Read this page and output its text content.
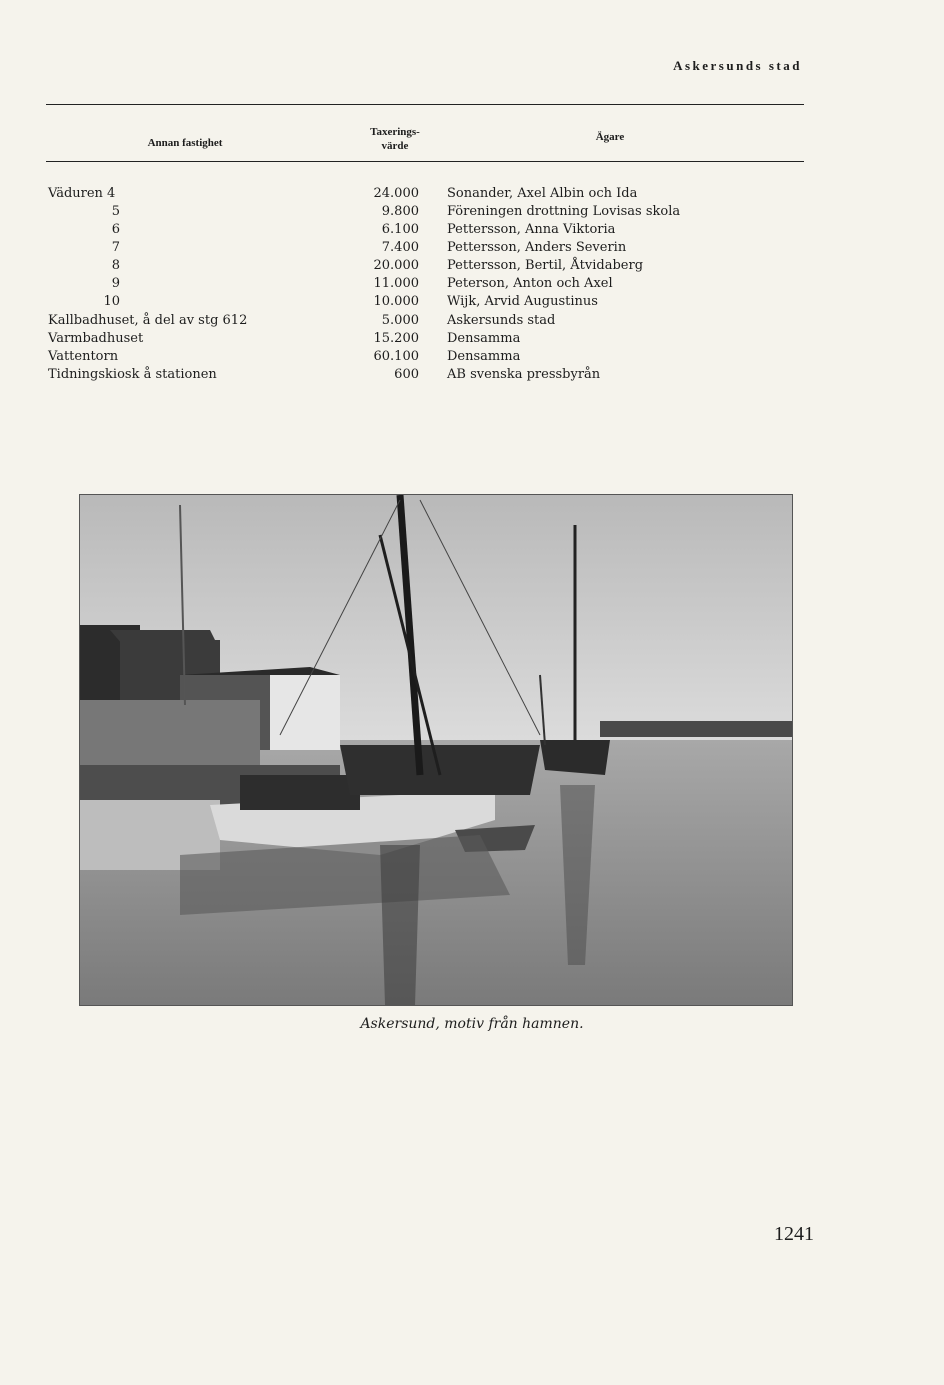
Askersunds stad
Annan fastighet
Taxerings-
värde
Ägare
Väduren 4	24.000 Sonander, Axel Albin och Ida
5	9.800 Föreningen drottning Lovisas skola
6	6.100 Pettersson, Anna Viktoria
7	7.400 Pettersson, Anders Severin
8	20.000 Pettersson, Bertil, Åtvidaberg
9	11.000 Peterson, Anton och Axel
10	10.000 Wijk, Arvid Augustinus
Kallbadhuset, å del av stg 612	5.000 Askersunds stad
Varmbadhuset	15.200 Densamma
Vattentorn	60.100 Densamma
Tidningskiosk å stationen	600 AB svenska pressbyrån
Askersund, motiv från hamnen.
1241
